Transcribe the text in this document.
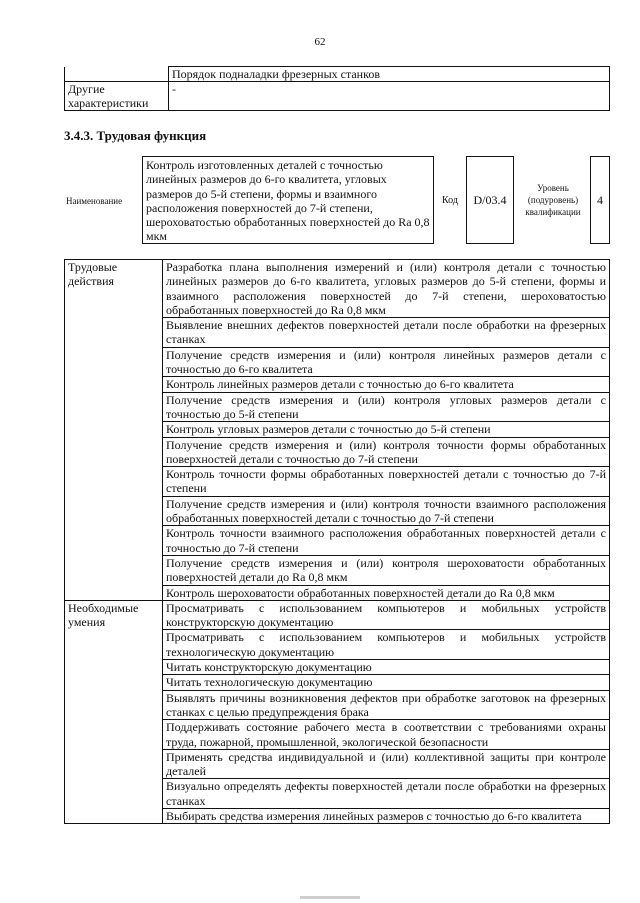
62
	Порядок подналадки фрезерных станков
Другие характеристики	-
3.4.3. Трудовая функция
Наименование
Контроль изготовленных деталей с точностью линейных размеров до 6-го квалитета, угловых размеров до 5-й степени, формы и взаимного расположения поверхностей до 7-й степени, шероховатостью обработанных поверхностей до Ra 0,8 мкм
Код	D/03.4
Уровень (подуровень) квалификации
4
Трудовые действия	Разработка плана выполнения измерений и (или) контроля детали с точностью линейных размеров до 6-го квалитета, угловых размеров до 5-й степени, формы и взаимного расположения поверхностей до 7-й степени, шероховатостью обработанных поверхностей до Ra 0,8 мкм
	Выявление внешних дефектов поверхностей детали после обработки на фрезерных станках
	Получение средств измерения и (или) контроля линейных размеров детали с точностью до 6-го квалитета
	Контроль линейных размеров детали с точностью до 6-го квалитета
	Получение средств измерения и (или) контроля угловых размеров детали с точностью до 5-й степени
	Контроль угловых размеров детали с точностью до 5-й степени
	Получение средств измерения и (или) контроля точности формы обработанных поверхностей детали с точностью до 7-й степени
	Контроль точности формы обработанных поверхностей детали с точностью до 7-й степени
	Получение средств измерения и (или) контроля точности взаимного расположения обработанных поверхностей детали с точностью до 7-й степени
	Контроль точности взаимного расположения обработанных поверхностей детали с точностью до 7-й степени
	Получение средств измерения и (или) контроля шероховатости обработанных поверхностей детали до Ra 0,8 мкм
	Контроль шероховатости обработанных поверхностей детали до Ra 0,8 мкм
Необходимые умения	Просматривать с использованием компьютеров и мобильных устройств конструкторскую документацию
	Просматривать с использованием компьютеров и мобильных устройств технологическую документацию
	Читать конструкторскую документацию
	Читать технологическую документацию
	Выявлять причины возникновения дефектов при обработке заготовок на фрезерных станках с целью предупреждения брака
	Поддерживать состояние рабочего места в соответствии с требованиями охраны труда, пожарной, промышленной, экологической безопасности
	Применять средства индивидуальной и (или) коллективной защиты при контроле деталей
	Визуально определять дефекты поверхностей детали после обработки на фрезерных станках
	Выбирать средства измерения линейных размеров с точностью до 6-го квалитета
